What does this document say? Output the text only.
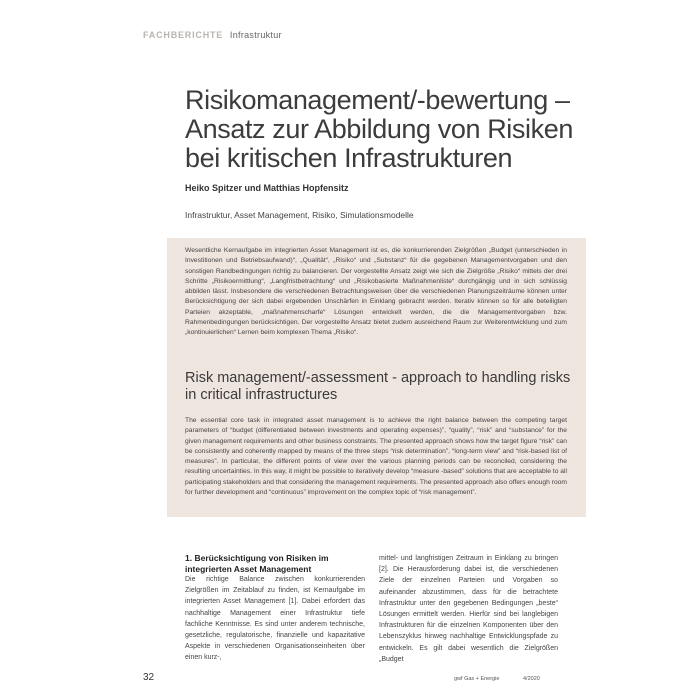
FACHBERICHTE Infrastruktur
Risikomanagement/-bewertung – Ansatz zur Abbildung von Risiken bei kritischen Infrastrukturen
Heiko Spitzer und Matthias Hopfensitz
Infrastruktur, Asset Management, Risiko, Simulationsmodelle

Wesentliche Kernaufgabe im integrierten Asset Management ist es, die konkurrierenden Zielgrößen „Budget (unterschieden in Investitionen und Betriebsaufwand)“, „Qualität“, „Risiko“ und „Substanz“ für die gegebenen Managementvorgaben und den sonstigen Randbedingungen richtig zu balancieren. Der vorgestellte Ansatz zeigt wie sich die Zielgröße „Risiko“ mittels der drei Schritte „Risikoermittlung“, „Langfristbetrachtung“ und „Risikobasierte Maßnahmenliste“ durchgängig und in sich schlüssig abbilden lässt. Insbesondere die verschiedenen Betrachtungsweisen über die verschiedenen Planungszeiträume können unter Berücksichtigung der sich dabei ergebenden Unschärfen in Einklang gebracht werden. Iterativ können so für alle beteiligten Parteien akzeptable, „maßnahmenscharfe“ Lösungen entwickelt werden, die die Managementvorgaben bzw. Rahmenbedingungen berücksichtigen. Der vorgestellte Ansatz bietet zudem ausreichend Raum zur Weiterentwicklung und zum „kontinuierlichen“ Lernen beim komplexen Thema „Risiko“.

Risk management/-assessment - approach to handling risks in critical infrastructures

The essential core task in integrated asset management is to achieve the right balance between the competing target parameters of “budget (differentiated between investments and operating expenses)”, “quality”, “risk” and “substance” for the given management requirements and other business constraints. The presented approach shows how the target figure “risk” can be consistently and coherently mapped by means of the three steps “risk determination”, “long-term view” and “risk-based list of measures”. In particular, the different points of view over the various planning periods can be reconciled, considering the resulting uncertainties. In this way, it might be possible to iteratively develop “measure -based” solutions that are acceptable to all participating stakeholders and that considering the management requirements. The presented approach also offers enough room for further development and “continuous” improvement on the complex topic of “risk management”.

1. Berücksichtigung von Risiken im integrierten Asset Management

Die richtige Balance zwischen konkurrierenden Zielgrößen im Zeitablauf zu finden, ist Kernaufgabe im integrierten Asset Management [1]. Dabei erfordert das nachhaltige Management einer Infrastruktur tiefe fachliche Kenntnisse. Es sind unter anderem technische, gesetzliche, regulatorische, finanzielle und kapazitative Aspekte in verschiedenen Organisationseinheiten über einen kurz-,

mittel- und langfristigen Zeitraum in Einklang zu bringen [2]. Die Herausforderung dabei ist, die verschiedenen Ziele der einzelnen Parteien und Vorgaben so aufeinander abzustimmen, dass für die betrachtete Infrastruktur unter den gegebenen Bedingungen „beste“ Lösungen ermittelt werden. Hierfür sind bei langlebigen Infrastrukturen für die einzelnen Komponenten über den Lebenszyklus hinweg nachhaltige Entwicklungspfade zu entwickeln. Es gilt dabei wesentlich die Zielgrößen „Budget

32	gwf Gas + Energie	4/2020
